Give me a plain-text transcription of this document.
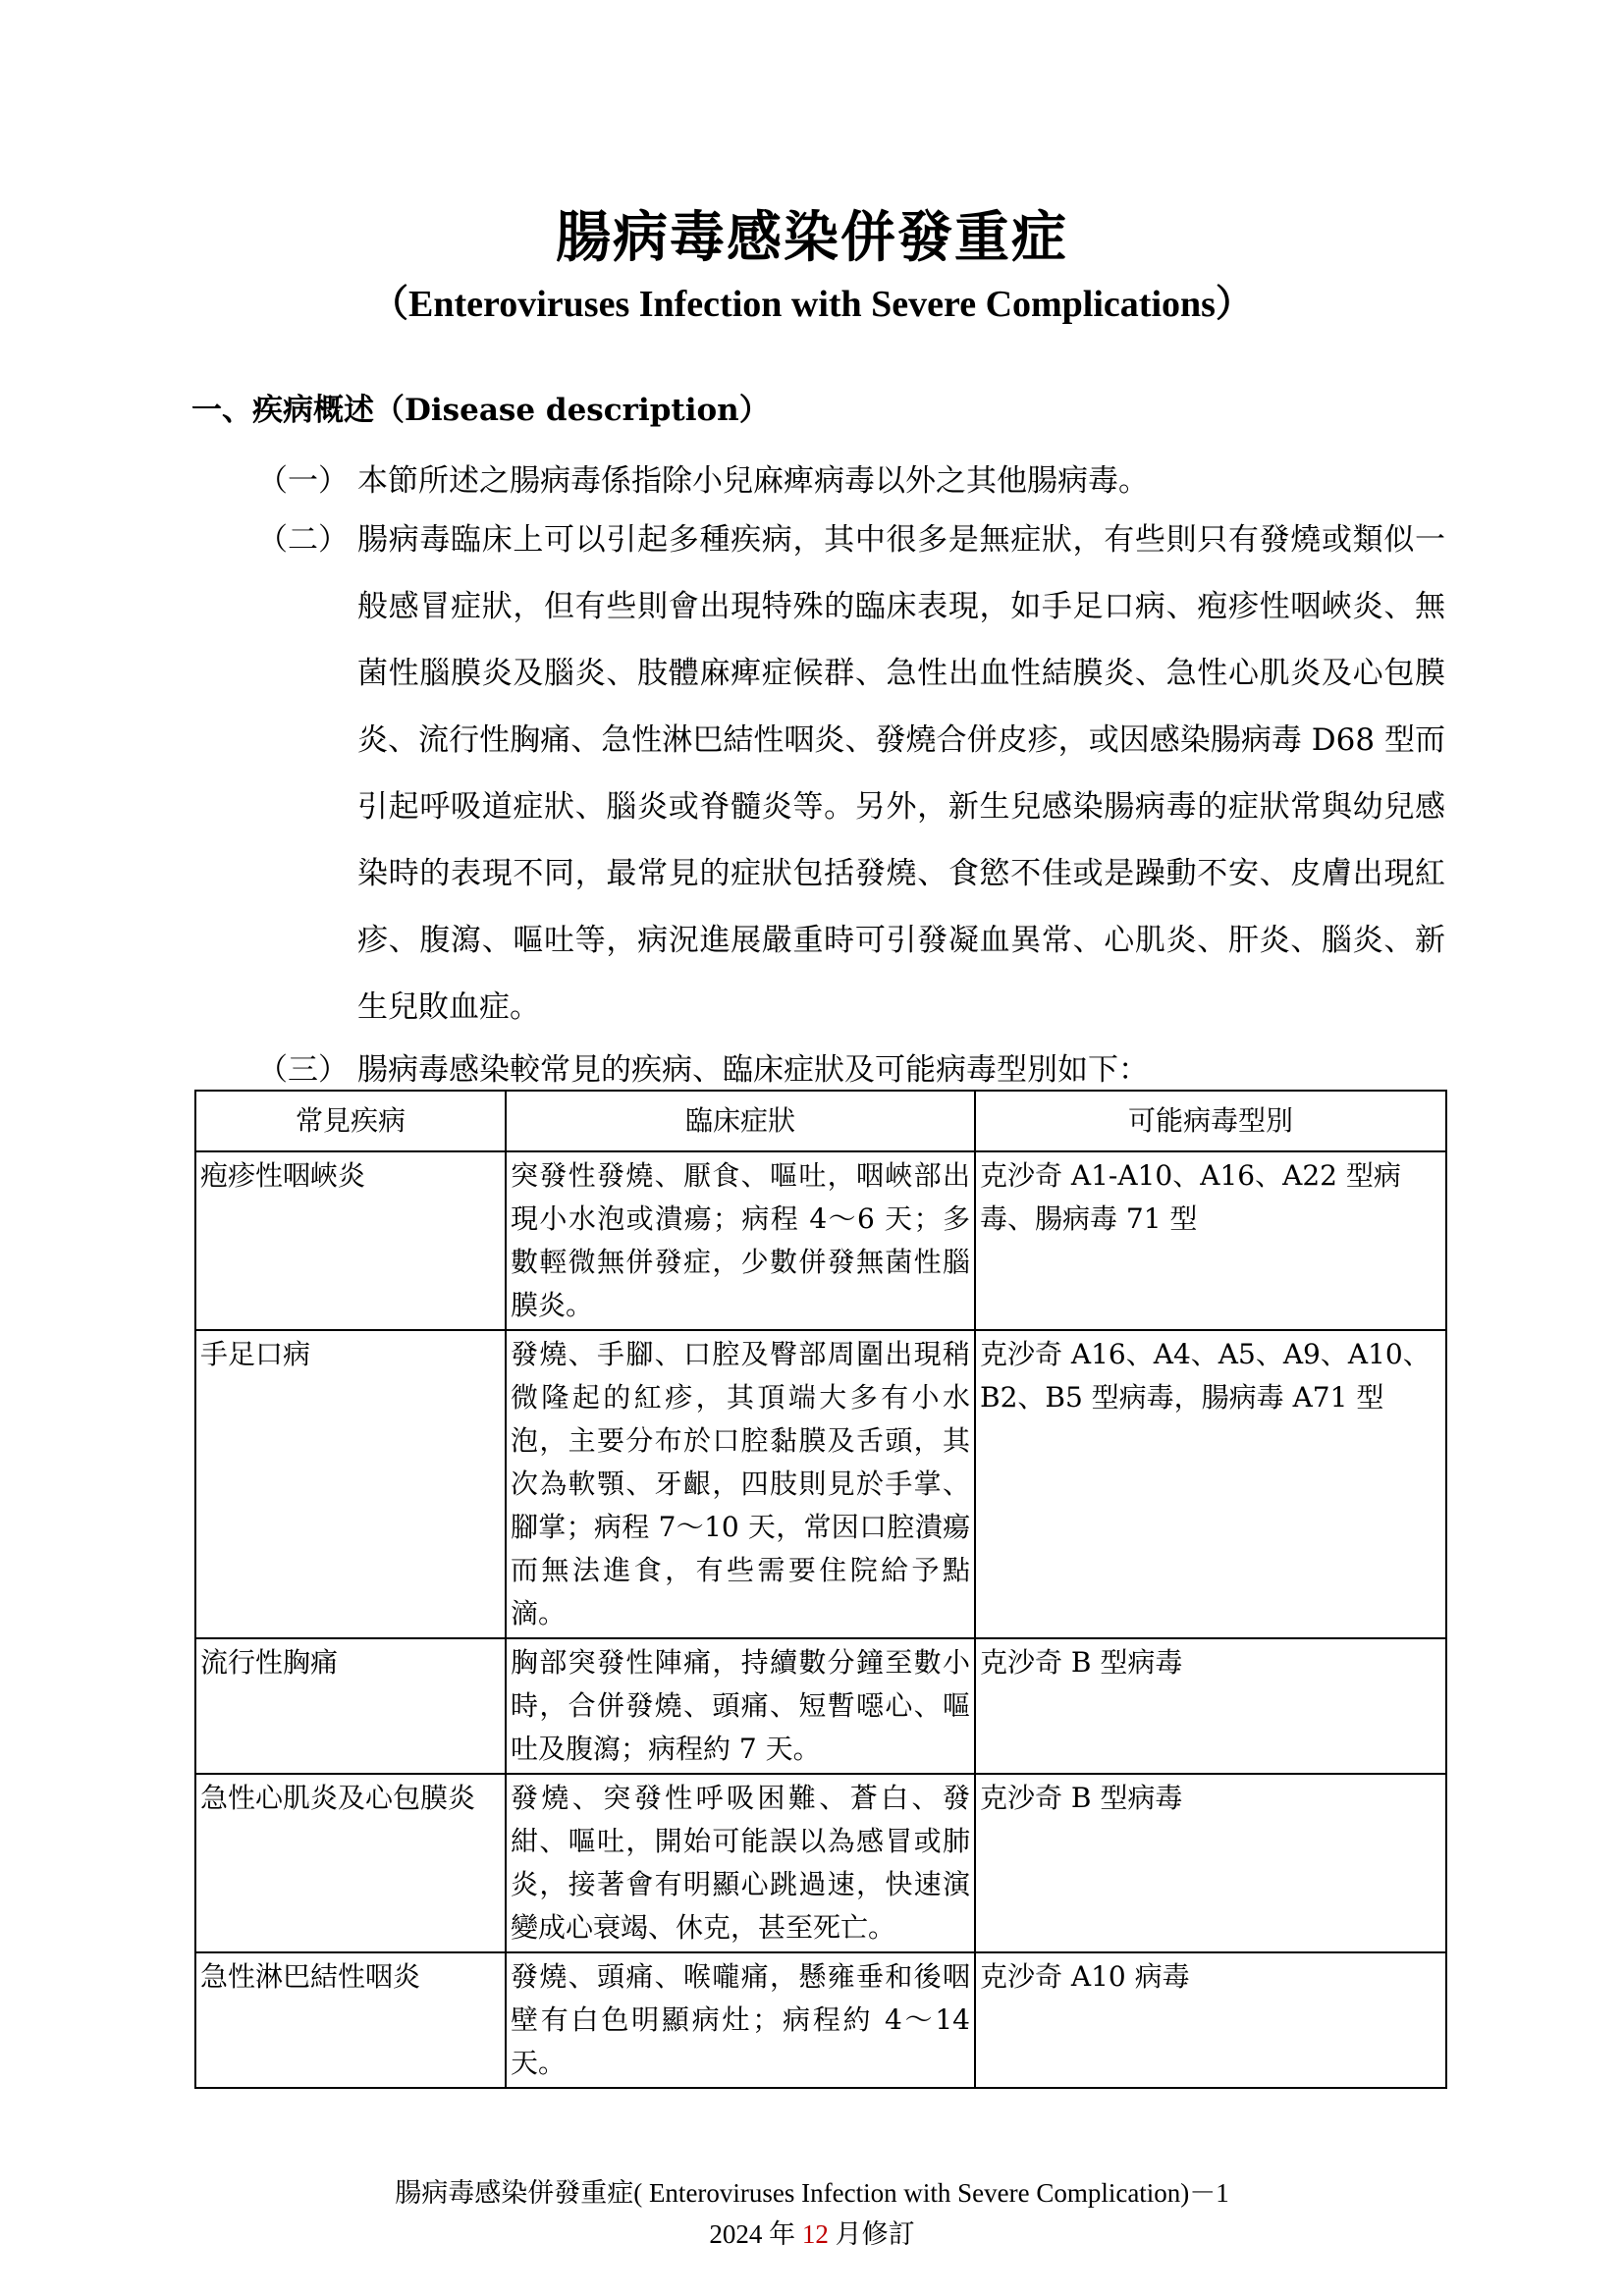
腸病毒感染併發重症
（Enteroviruses Infection with Severe Complications）
一、疾病概述（Disease description）
（一） 本節所述之腸病毒係指除小兒麻痺病毒以外之其他腸病毒。
（二） 腸病毒臨床上可以引起多種疾病，其中很多是無症狀，有些則只有發燒或類似一般感冒症狀，但有些則會出現特殊的臨床表現，如手足口病、疱疹性咽峽炎、無菌性腦膜炎及腦炎、肢體麻痺症候群、急性出血性結膜炎、急性心肌炎及心包膜炎、流行性胸痛、急性淋巴結性咽炎、發燒合併皮疹，或因感染腸病毒 D68 型而引起呼吸道症狀、腦炎或脊髓炎等。另外，新生兒感染腸病毒的症狀常與幼兒感染時的表現不同，最常見的症狀包括發燒、食慾不佳或是躁動不安、皮膚出現紅疹、腹瀉、嘔吐等，病況進展嚴重時可引發凝血異常、心肌炎、肝炎、腦炎、新生兒敗血症。
（三） 腸病毒感染較常見的疾病、臨床症狀及可能病毒型別如下：
常見疾病	臨床症狀	可能病毒型別
疱疹性咽峽炎	突發性發燒、厭食、嘔吐，咽峽部出現小水泡或潰瘍；病程 4～6 天；多數輕微無併發症，少數併發無菌性腦膜炎。	克沙奇 A1-A10、A16、A22 型病毒、腸病毒 71 型
手足口病	發燒、手腳、口腔及臀部周圍出現稍微隆起的紅疹，其頂端大多有小水泡，主要分布於口腔黏膜及舌頭，其次為軟顎、牙齦，四肢則見於手掌、腳掌；病程 7～10 天，常因口腔潰瘍而無法進食，有些需要住院給予點滴。	克沙奇 A16、A4、A5、A9、A10、B2、B5 型病毒，腸病毒 A71 型
流行性胸痛	胸部突發性陣痛，持續數分鐘至數小時，合併發燒、頭痛、短暫噁心、嘔吐及腹瀉；病程約 7 天。	克沙奇 B 型病毒
急性心肌炎及心包膜炎	發燒、突發性呼吸困難、蒼白、發紺、嘔吐，開始可能誤以為感冒或肺炎，接著會有明顯心跳過速，快速演變成心衰竭、休克，甚至死亡。	克沙奇 B 型病毒
急性淋巴結性咽炎	發燒、頭痛、喉嚨痛，懸雍垂和後咽壁有白色明顯病灶；病程約 4～14 天。	克沙奇 A10 病毒
腸病毒感染併發重症( Enteroviruses Infection with Severe Complication)－1
2024 年 12 月修訂
